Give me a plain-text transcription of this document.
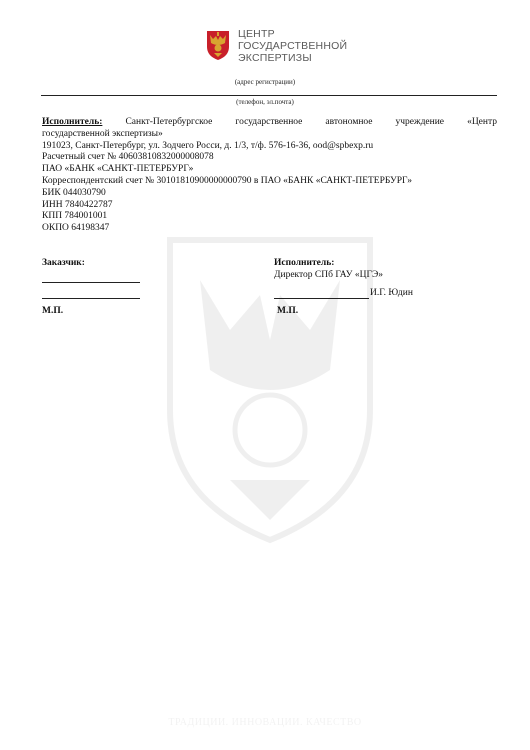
ЦЕНТР
ГОСУДАРСТВЕННОЙ
ЭКСПЕРТИЗЫ
(адрес регистрации)
(телефон, эл.почта)
Исполнитель: Санкт-Петербургское государственное автономное учреждение «Центр
государственной экспертизы»
191023, Санкт-Петербург, ул. Зодчего Росси, д. 1/3, т/ф. 576-16-36, ood@spbexp.ru
Расчетный счет № 40603810832000008078
ПАО «БАНК «САНКТ-ПЕТЕРБУРГ»
Корреспондентский счет № 30101810900000000790 в ПАО «БАНК «САНКТ-ПЕТЕРБУРГ»
БИК 044030790
ИНН 7840422787
КПП 784001001
ОКПО 64198347
Заказчик:
М.П.
Исполнитель:
Директор СПб ГАУ «ЦГЭ»
И.Г. Юдин
М.П.
ТРАДИЦИИ. ИННОВАЦИИ. КАЧЕСТВО
